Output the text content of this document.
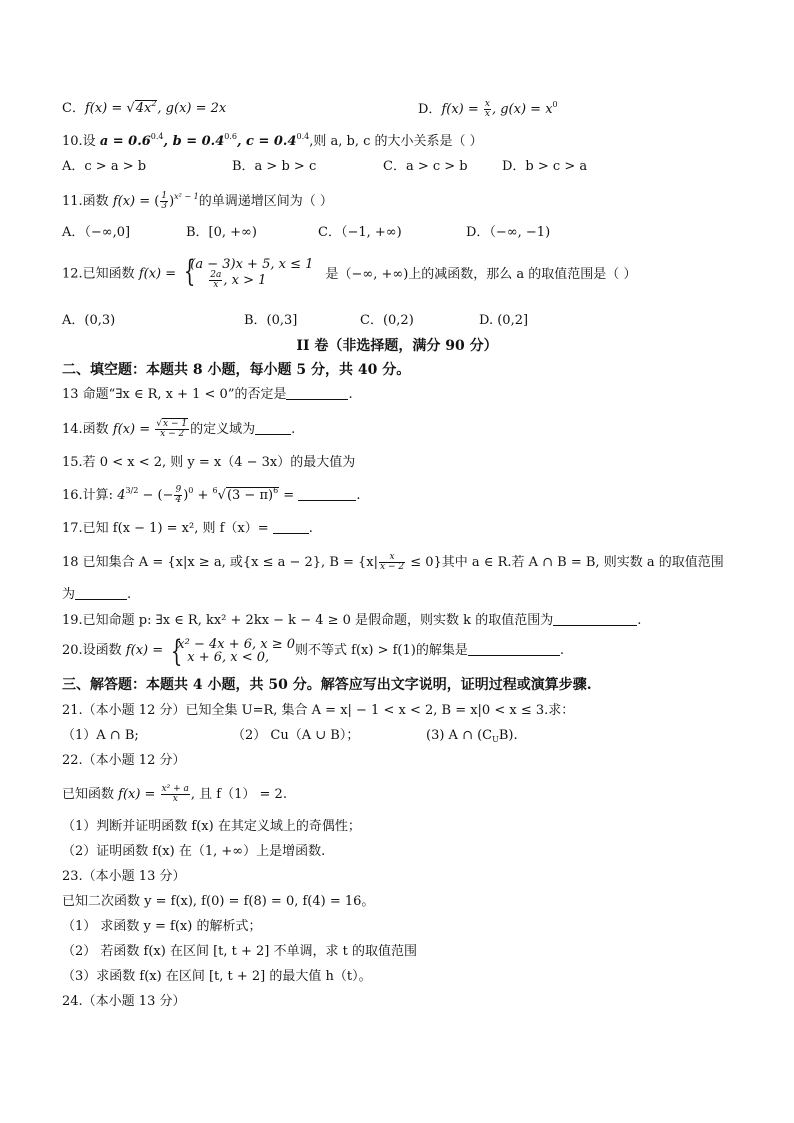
C．$f(x) = √4x^2$, g(x) = 2x	D．$f(x) = \frac{x}{x}$ , $g(x) = x^0$
10.设 $a = 0.6^{0.4}$, $b = 0.4^{0.6}$, $c = 0.4^{0.4}$,则 a, b, c 的大小关系是（ ）
A．c > a > b	B．a > b > c	C．a > c > b	D．b > c > a
11.函数 f(x) = ( $\frac{1}{3} )^{x^2 - 1}$的单调递增区间为（ ）
A．（−∞,0]	B．[0, +∞)	C．（−1, +∞)	D．（−∞, −1)
12.已知函数 f(x) = {
(a − 3)x + 5, x ≤ 1
$\frac{2a}{x}$ , x > 1	是（−∞, +∞)上的减函数，那么 a 的取值范围是（ ）
A．(0,3)	B．(0,3]	C．(0,2)	D. (0,2]
II 卷（非选择题，满分 90 分）
二、填空题：本题共 8 小题，每小题 5 分，共 40 分。
13 命题“∃x ∈ R, x + 1 < 0”的否定是	.
14.函数 $f(x) = \frac{√x - 1}{x - 2}$ 的定义域为	.
15.若 0 < x < 2, 则 y = x（4 − 3x）的最大值为
16.计算: $4^{3/2}$ − (− $\frac{9}{4} )^0 + ^6√(3 - \pi)^6$ =	.
17.已知 f(x − 1) = x², 则 f（x）=	.
18 已知集合 A = {x|x ≥ a, 或{x ≤ a − 2}, $B = \{x| \frac{x}{x - 2} \le 0\}$其中 a ∈ R.若 A ∩ B = B, 则实数 a 的取值范围
为	.
19.已知命题 p: ∃x ∈ R, kx² + 2kx − k − 4 ≥ 0 是假命题，则实数 k 的取值范围为	.
20.设函数 f(x) = {
x² − 4x + 6, x ≥ 0
x + 6, x < 0,	则不等式 f(x) > f(1)的解集是	.
三、解答题：本题共 4 小题，共 50 分。解答应写出文字说明，证明过程或演算步骤.
21.（本小题 12 分）已知全集 U=R, 集合 A = x| − 1 < x < 2, B = x|0 < x ≤ 3.求：
（1）A ∩ B;	（2） Cu（A ∪ B）；	(3) A ∩ $(C_UB)$.
22.（本小题 12 分）
已知函数 $f(x) = \frac{\text{x² + a}}{x}$ , 且 f（1） = 2.
（1）判断并证明函数 f(x) 在其定义域上的奇偶性；
（2）证明函数 f(x) 在（1, +∞）上是增函数.
23.（本小题 13 分）
已知二次函数 y = f(x), f(0) = f(8) = 0, f(4) = 16。
（1） 求函数 y = f(x) 的解析式；
（2） 若函数 f(x) 在区间 [t, t + 2] 不单调，求 t 的取值范围
（3）求函数 f(x) 在区间 [t, t + 2] 的最大值 h（t）。
24.（本小题 13 分）
